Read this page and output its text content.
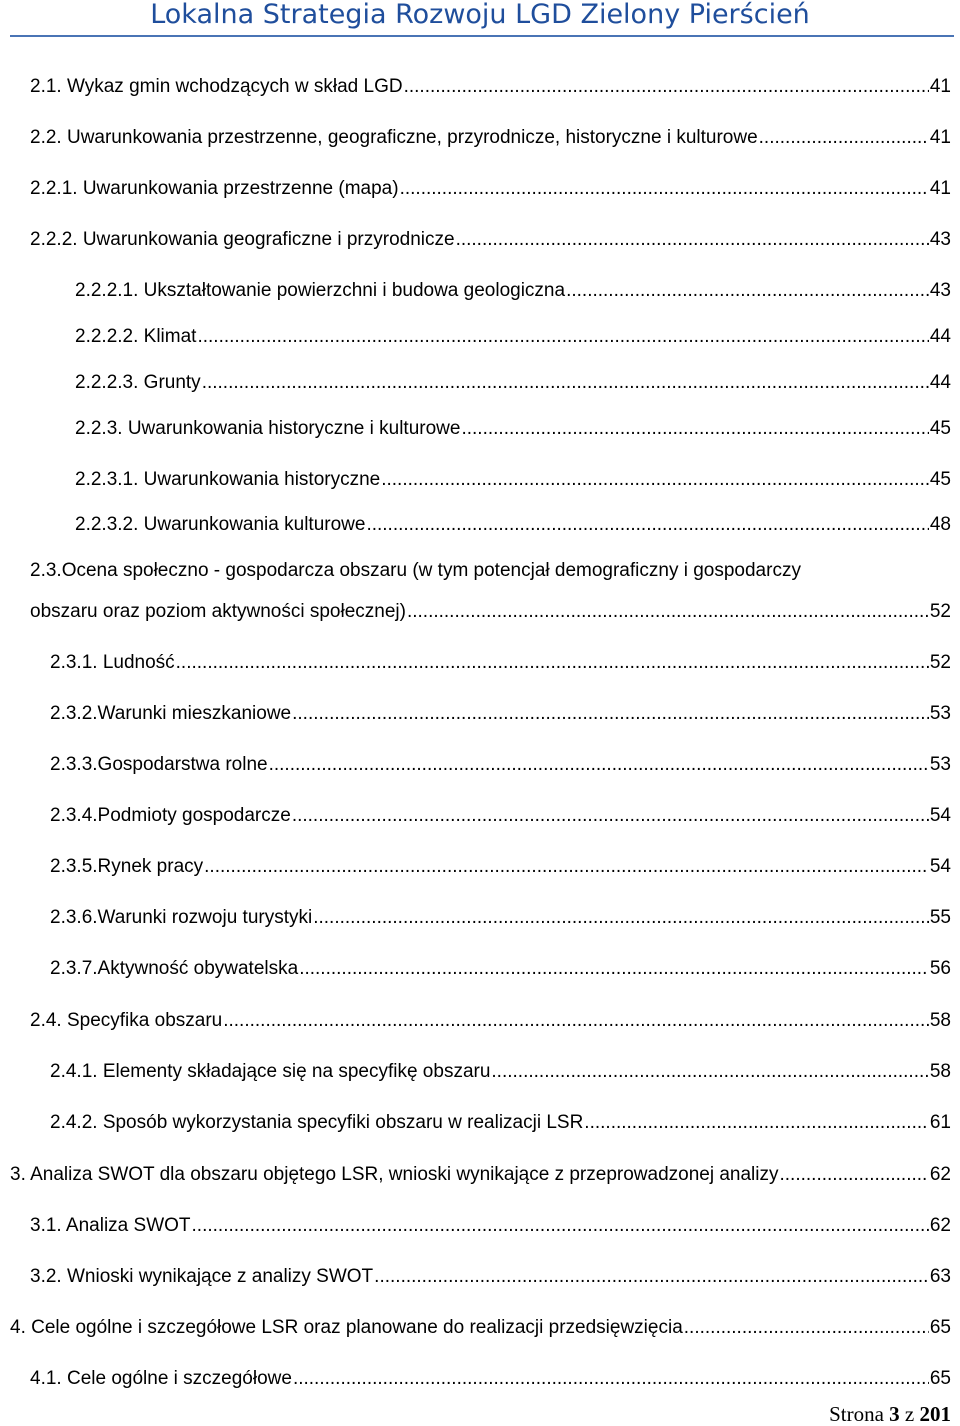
Lokalna Strategia Rozwoju LGD Zielony Pierścień
2.1. Wykaz gmin wchodzących w skład LGD .....	41
2.2. Uwarunkowania przestrzenne, geograficzne, przyrodnicze, historyczne i kulturowe .....	41
2.2.1. Uwarunkowania przestrzenne (mapa) .....	41
2.2.2. Uwarunkowania geograficzne i przyrodnicze .....	43
2.2.2.1. Ukształtowanie powierzchni i budowa geologiczna .....	43
2.2.2.2. Klimat .....	44
2.2.2.3. Grunty .....	44
2.2.3. Uwarunkowania historyczne i kulturowe .....	45
2.2.3.1. Uwarunkowania historyczne .....	45
2.2.3.2. Uwarunkowania kulturowe .....	48
2.3.Ocena społeczno - gospodarcza obszaru (w tym potencjał demograficzny i gospodarczy
obszaru oraz poziom aktywności społecznej) .....	52
2.3.1. Ludność .....	52
2.3.2.Warunki mieszkaniowe .....	53
2.3.3.Gospodarstwa rolne .....	53
2.3.4.Podmioty gospodarcze .....	54
2.3.5.Rynek pracy .....	54
2.3.6.Warunki rozwoju turystyki .....	55
2.3.7.Aktywność obywatelska .....	56
2.4. Specyfika obszaru .....	58
2.4.1. Elementy składające się na specyfikę obszaru .....	58
2.4.2. Sposób wykorzystania specyfiki obszaru w realizacji LSR .....	61
3. Analiza SWOT dla obszaru objętego LSR, wnioski wynikające z przeprowadzonej analizy .....	62
3.1. Analiza SWOT .....	62
3.2. Wnioski wynikające z analizy SWOT .....	63
4. Cele ogólne i szczegółowe LSR oraz planowane do realizacji przedsięwzięcia .....	65
4.1. Cele ogólne i szczegółowe .....	65
Strona 3 z 201
